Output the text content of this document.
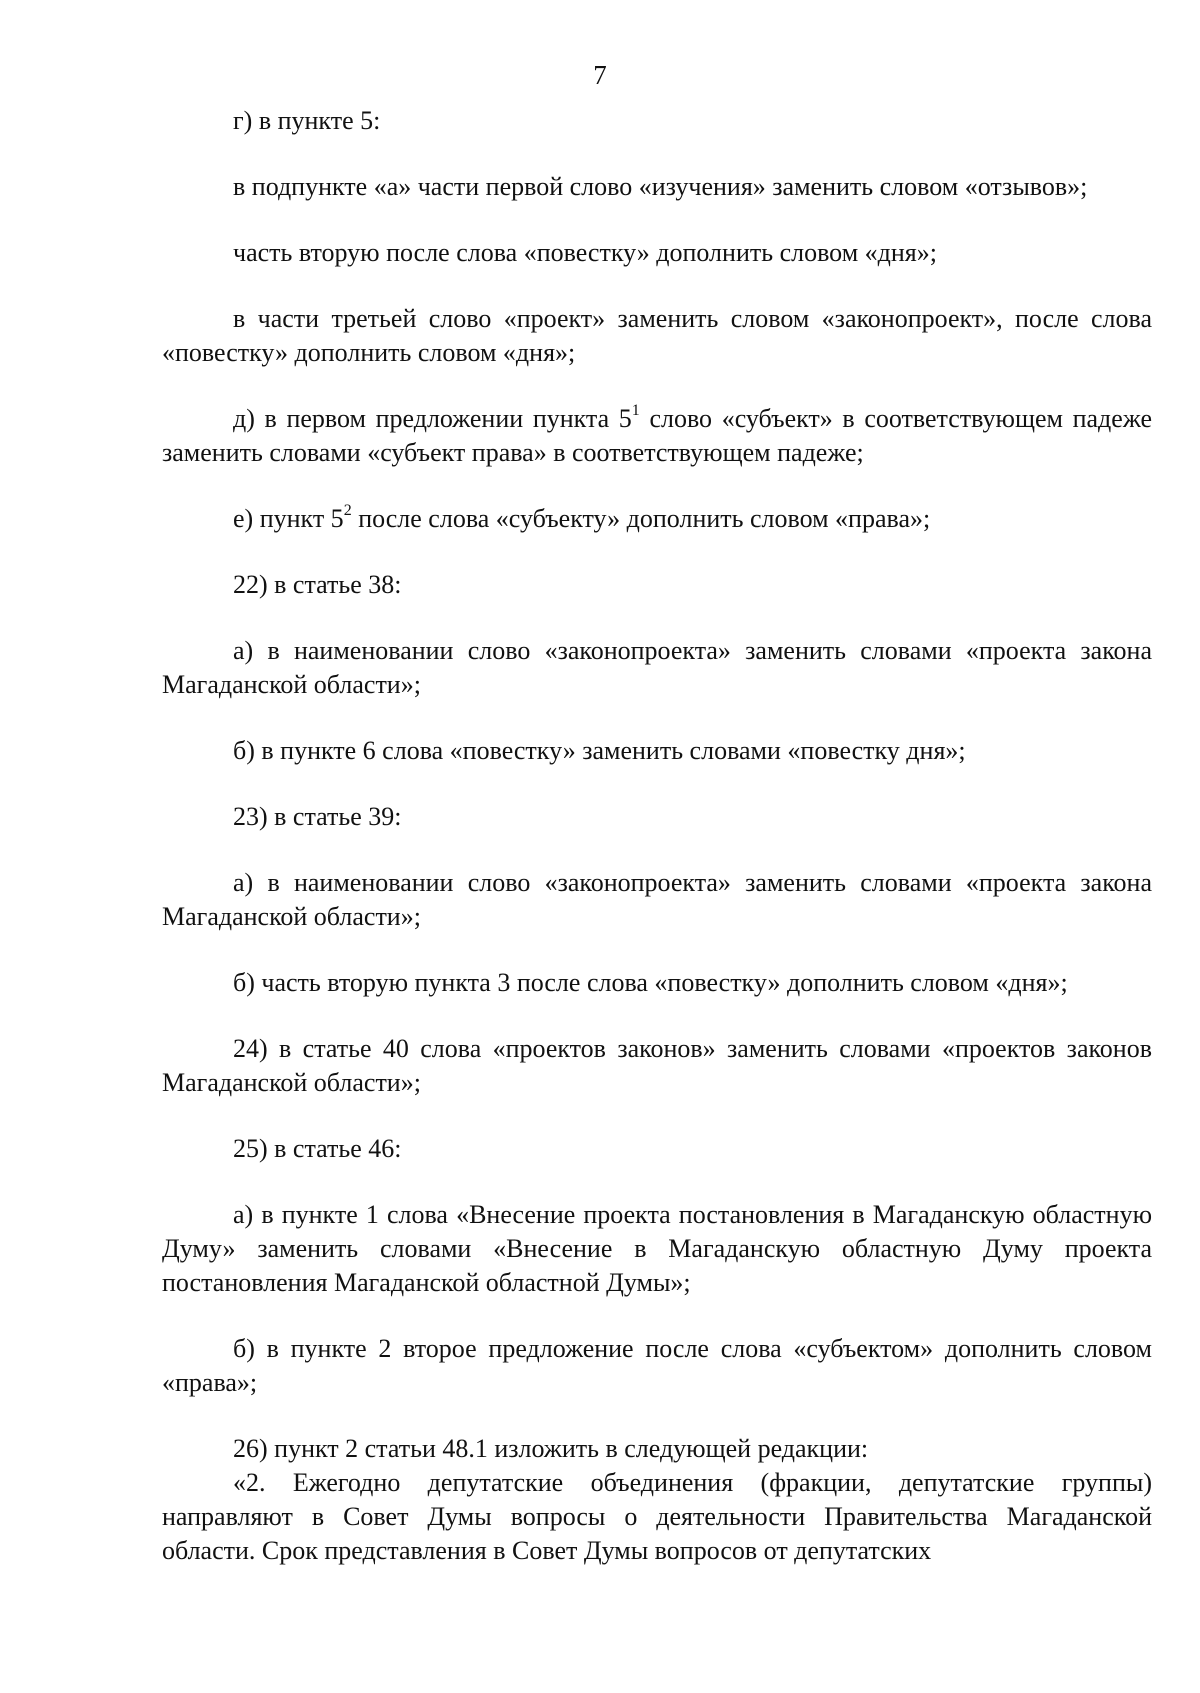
7

г) в пункте 5:

в подпункте «а» части первой слово «изучения» заменить словом «отзывов»;

часть вторую после слова «повестку» дополнить словом «дня»;

в части третьей слово «проект» заменить словом «законопроект», после слова «повестку» дополнить словом «дня»;

д) в первом предложении пункта $5^1$ слово «субъект» в соответствующем падеже заменить словами «субъект права» в соответствующем падеже;

е) пункт $5^2$ после слова «субъекту» дополнить словом «права»;

22) в статье 38:

а) в наименовании слово «законопроекта» заменить словами «проекта закона Магаданской области»;

б) в пункте 6 слова «повестку» заменить словами «повестку дня»;

23) в статье 39:

а) в наименовании слово «законопроекта» заменить словами «проекта закона Магаданской области»;

б) часть вторую пункта 3 после слова «повестку» дополнить словом «дня»;

24) в статье 40 слова «проектов законов» заменить словами «проектов законов Магаданской области»;

25) в статье 46:

а) в пункте 1 слова «Внесение проекта постановления в Магаданскую областную Думу» заменить словами «Внесение в Магаданскую областную Думу проекта постановления Магаданской областной Думы»;

б) в пункте 2 второе предложение после слова «субъектом» дополнить словом «права»;

26) пункт 2 статьи 48.1 изложить в следующей редакции:

«2. Ежегодно депутатские объединения (фракции, депутатские группы) направляют в Совет Думы вопросы о деятельности Правительства Магаданской области. Срок представления в Совет Думы вопросов от депутатских
